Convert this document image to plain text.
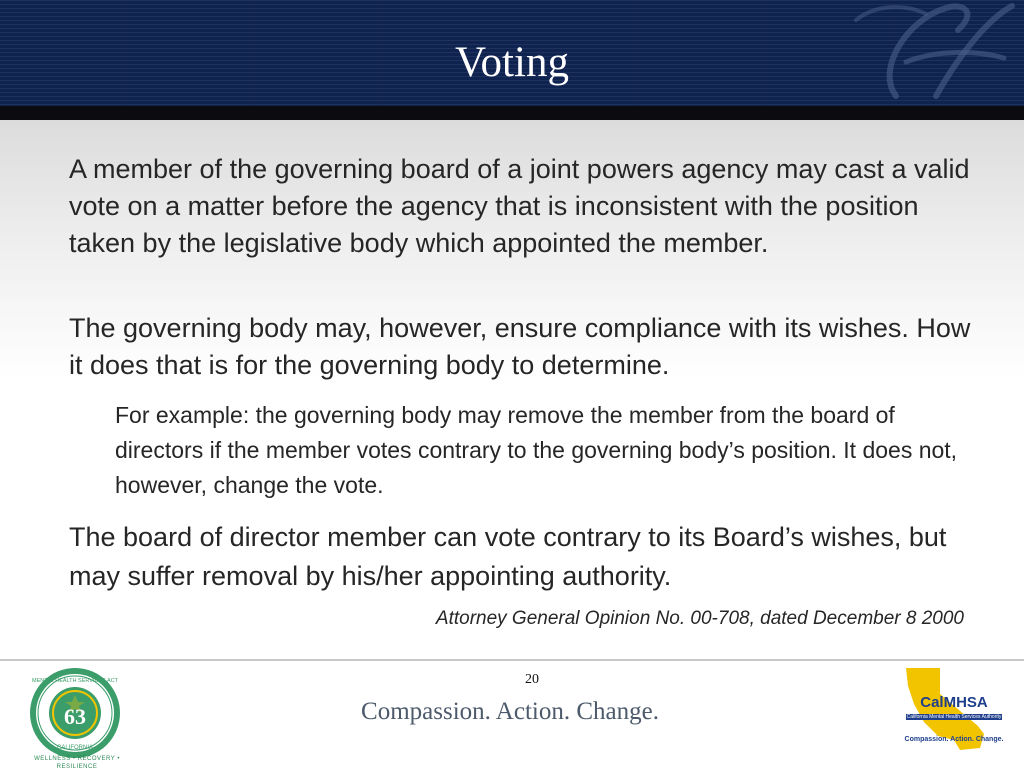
Voting

A member of the governing board of a joint powers agency may cast a valid vote on a matter before the agency that is inconsistent with the position taken by the legislative body which appointed the member.

The governing body may, however, ensure compliance with its wishes. How it does that is for the governing body to determine.

For example: the governing body may remove the member from the board of directors if the member votes contrary to the governing body’s position. It does not, however, change the vote.

The board of director member can vote contrary to its Board’s wishes, but may suffer removal by his/her appointing authority.

Attorney General Opinion No. 00-708, dated December 8 2000

20
Compassion. Action. Change.
63
MENTAL HEALTH SERVICES ACT
CALIFORNIA
WELLNESS • RECOVERY • RESILIENCE
CalMHSA
California Mental Health Services Authority
Compassion. Action. Change.
